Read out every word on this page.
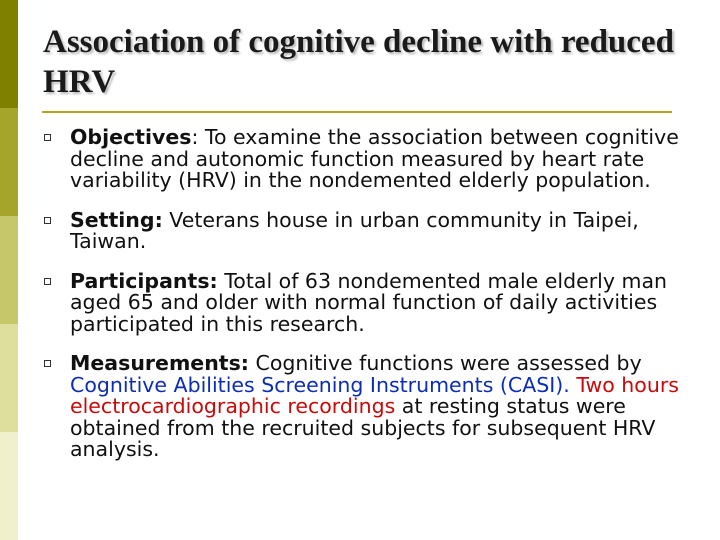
Association of cognitive decline with reduced HRV
Objectives: To examine the association between cognitive decline and autonomic function measured by heart rate variability (HRV) in the nondemented elderly population.
Setting: Veterans house in urban community in Taipei, Taiwan.
Participants: Total of 63 nondemented male elderly man aged 65 and older with normal function of daily activities participated in this research.
Measurements: Cognitive functions were assessed by Cognitive Abilities Screening Instruments (CASI). Two hours electrocardiographic recordings at resting status were obtained from the recruited subjects for subsequent HRV analysis.
